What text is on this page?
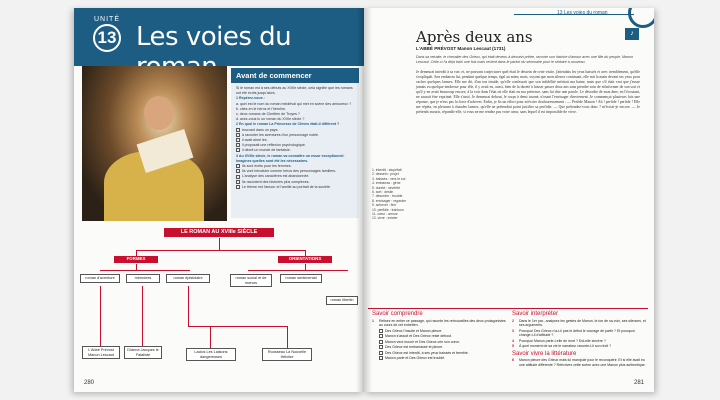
UNITÉ
13 Les voies du
Avant de commencer
Si le roman est à ses débuts au XVIIe siècle, cela signifie que les romans ont été écrits jusqu'alors.
1 Repérez-vous :
a. quel est le nom du roman médiéval qui met en scène des amoureux ?
b. citez-en le héros et l'héroïne.
c. deux romans de Chrétien de Troyes ?
d. avez-vous lu un roman du XVIIe siècle ?
2 En quoi le roman La Princesse de Clèves était-il différent ?
trouvant dans un pays.
à raconter les aventures d'un personnage noble.
il avait aimé les.
il proposait une réflexion psychologique.
il décrit un monde de fantaisie.
3 Au XVIIIe siècle, le roman va connaître un essor exceptionnel. Imaginez quelles sont été les nécessaires.
Ils sont écrits pour les femmes.
Ils vont introduire comme héros des personnages familiers.
L'analyse des caractères est abandonnée.
Ils racontent des histoires plus complexes.
Le thème est l'amour et l'amitié au portrait de la société.
LE ROMAN AU XVIIIe SIÈCLE
FORMES	ORIENTATIONS
roman d'aventure	mémoires	roman épistolaire	roman social et de mœurs
roman sentimental
roman libertin
L'Abbé Prévost Manon Lescaut
Diderot Jacques le Fataliste
Laclos Les Liaisons dangereuses
Rousseau La Nouvelle Héloïse
280
13 Les voies du roman
Après deux ans	♪
L'ABBÉ PRÉVOST Manon Lescaut (1731)
Dans sa retraite, le chevalier des Grieux, qui était devenu à dessein prêtre, raconte son histoire d'amour avec une fille du peuple, Manon Lescaut. Celle-ci l'a déjà trahi une fois mais revient dans le parloir du séminaire pour le séduire à nouveau.
Je demeurai interdit à sa vue, et, ne pouvant conjecturer quel était le dessein de cette visite, j'attendais les yeux baissés et avec tremblement, qu'elle s'expliquât. Son embarras fut, pendant quelque temps, égal au mien, mais, voyant que mon silence continuait, elle mit la main devant ses yeux pour cacher quelques larmes. Elle me dit, d'un ton timide, qu'elle confessait que son infidélité méritait ma haine, mais que s'il était vrai que j'eusse jamais eu quelque tendresse pour elle, il y avait eu, aussi, bien de la dureté à laisser passer deux ans sans prendre soin de m'informer de son sort et qu'il y en avait beaucoup encore, à la voir dans l'état où elle était en ma présence, sans lui dire une parole. Le désordre de mon âme, en l'écoutant, ne saurait être exprimé. Elle s'assit. Je demeurai debout, le corps à demi tourné, n'osant l'envisager directement. Je commençai plusieurs fois une réponse, que je n'eus pas la force d'achever. Enfin, je fis un effort pour m'écrier douloureusement : — Perfide Manon ! Ah ! perfide ! perfide ! Elle me répéta, en pleurant à chaudes larmes, qu'elle ne prétendait point justifier sa perfidie. — Que prétendez-vous donc ? m'écriai-je encore. — Je prétends mourir, répondit-elle, si vous ne me rendez pas votre cœur, sans lequel il est impossible de vivre.
1. interdit : stupéfait
2. dessein : projet
3. baissés : vers le sol
4. embarras : gêne
5. dureté : sévérité
6. sort : destin
7. désordre : trouble
8. envisager : regarder
9. achever : finir
10. perfidie : trahison
11. cœur : amour
12. vivre : exister
Savoir comprendre
1 Relisez en entier ce passage, qui raconte les retrouvailles des deux protagonistes au cours de cet entretien.
Des Grieux l'insulte et Manon pleure.
Manon s'assoit et Des Grieux reste debout.
Manon veut mourir et Des Grieux crie son cœur.
Des Grieux est embarrassé et pleure.
Des Grieux est interdit, à ses yeux baissés et tremble.
Manon parle et Des Grieux est troublé.
Savoir interpréter
2 Dans le 1er par., analysez les gestes de Manon, le ton de sa voix, ses silences, et ses arguments.
3 Pourquoi Des Grieux n'a-t-il pas le début le courage de partir ? Et pourquoi change-t-il d'attitude ?
4 Pourquoi Manon parle-t-elle de mort ? Est-elle sincère ?
5 À quel moment de sa vie le narrateur raconte-t-il son récit ?
Savoir vivre la littérature
6 Manon pleure des Grieux mais lui manipule pour le reconquérir. Et si elle avait eu une attitude différente ? Réécrivez cette scène avec une Manon plus authentique.
281
